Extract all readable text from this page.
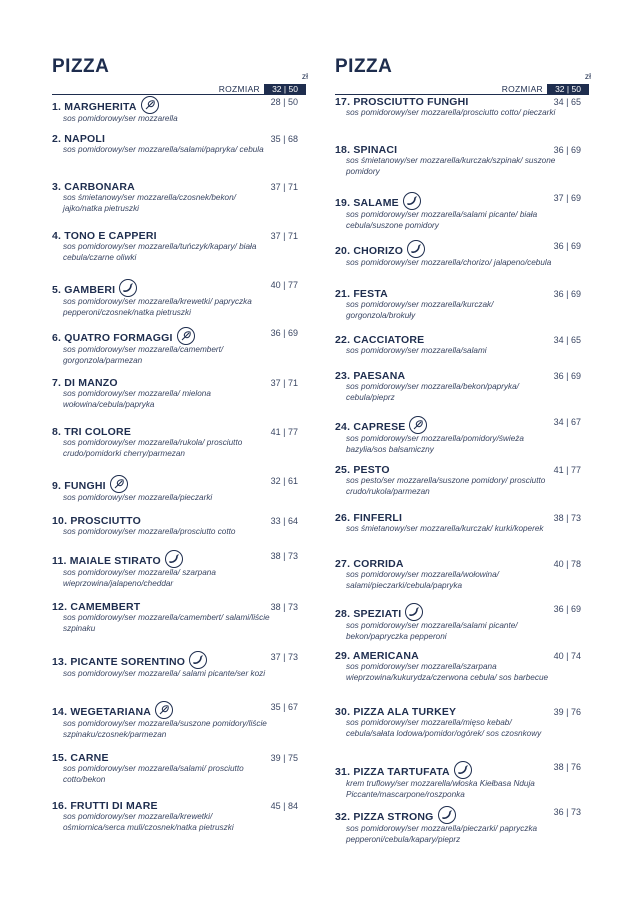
PIZZA	zł
ROZMIAR	32 | 50
1. MARGHERITA	28 | 50
sos pomidorowy/ser mozzarella
2. NAPOLI	35 | 68
sos pomidorowy/ser mozzarella/salami/papryka/ cebula
3. CARBONARA	37 | 71
sos śmietanowy/ser mozzarella/czosnek/bekon/ jajko/natka pietruszki
4. TONO E CAPPERI	37 | 71
sos pomidorowy/ser mozzarella/tuńczyk/kapary/ biała cebula/czarne oliwki
5. GAMBERI	40 | 77
sos pomidorowy/ser mozzarella/krewetki/ papryczka pepperoni/czosnek/natka pietruszki
6. QUATRO FORMAGGI	36 | 69
sos pomidorowy/ser mozzarella/camembert/ gorgonzola/parmezan
7. DI MANZO	37 | 71
sos pomidorowy/ser mozzarella/ mielona wołowina/cebula/papryka
8. TRI COLORE	41 | 77
sos pomidorowy/ser mozzarella/rukola/ prosciutto crudo/pomidorki cherry/parmezan
9. FUNGHI	32 | 61
sos pomidorowy/ser mozzarella/pieczarki
10. PROSCIUTTO	33 | 64
sos pomidorowy/ser mozzarella/prosciutto cotto
11. MAIALE STIRATO	38 | 73
sos pomidorowy/ser mozzarella/ szarpana wieprzowina/jalapeno/cheddar
12. CAMEMBERT	38 | 73
sos pomidorowy/ser mozzarella/camembert/ salami/liście szpinaku
13. PICANTE SORENTINO	37 | 73
sos pomidorowy/ser mozzarella/ salami picante/ser kozi
14. WEGETARIANA	35 | 67
sos pomidorowy/ser mozzarella/suszone pomidory/liście szpinaku/czosnek/parmezan
15. CARNE	39 | 75
sos pomidorowy/ser mozzarella/salami/ prosciutto cotto/bekon
16. FRUTTI DI MARE	45 | 84
sos pomidorowy/ser mozzarella/krewetki/ ośmiornica/serca muli/czosnek/natka pietruszki
PIZZA	zł
ROZMIAR	32 | 50
17. PROSCIUTTO FUNGHI	34 | 65
sos pomidorowy/ser mozzarella/prosciutto cotto/ pieczarki
18. SPINACI	36 | 69
sos śmietanowy/ser mozzarella/kurczak/szpinak/ suszone pomidory
19. SALAME	37 | 69
sos pomidorowy/ser mozzarella/salami picante/ biała cebula/suszone pomidory
20. CHORIZO	36 | 69
sos pomidorowy/ser mozzarella/chorizo/ jalapeno/cebula
21. FESTA	36 | 69
sos pomidorowy/ser mozzarella/kurczak/ gorgonzola/brokuły
22. CACCIATORE	34 | 65
sos pomidorowy/ser mozzarella/salami
23. PAESANA	36 | 69
sos pomidorowy/ser mozzarella/bekon/papryka/ cebula/pieprz
24. CAPRESE	34 | 67
sos pomidorowy/ser mozzarella/pomidory/świeża bazylia/sos balsamiczny
25. PESTO	41 | 77
sos pesto/ser mozzarella/suszone pomidory/ prosciutto crudo/rukola/parmezan
26. FINFERLI	38 | 73
sos śmietanowy/ser mozzarella/kurczak/ kurki/koperek
27. CORRIDA	40 | 78
sos pomidorowy/ser mozzarella/wołowina/ salami/pieczarki/cebula/papryka
28. SPEZIATI	36 | 69
sos pomidorowy/ser mozzarella/salami picante/ bekon/papryczka pepperoni
29. AMERICANA	40 | 74
sos pomidorowy/ser mozzarella/szarpana wieprzowina/kukurydza/czerwona cebula/ sos barbecue
30. PIZZA ALA TURKEY	39 | 76
sos pomidorowy/ser mozzarella/mięso kebab/ cebula/sałata lodowa/pomidor/ogórek/ sos czosnkowy
31. PIZZA TARTUFATA	38 | 76
krem truflowy/ser mozzarella/włoska Kiełbasa Nduja Piccante/mascarpone/roszponka
32. PIZZA STRONG	36 | 73
sos pomidorowy/ser mozzarella/pieczarki/ papryczka pepperoni/cebula/kapary/pieprz
